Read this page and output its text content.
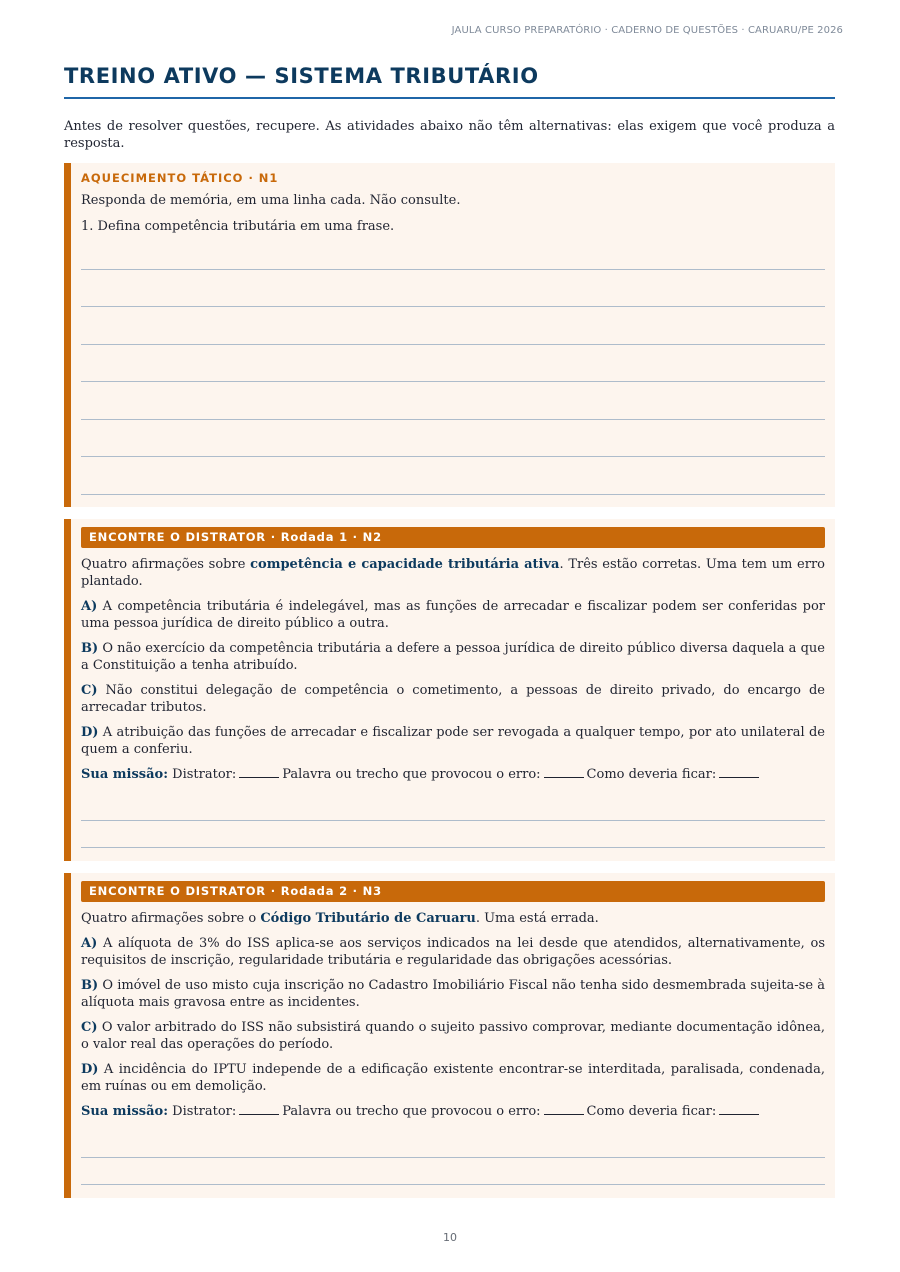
JAULA CURSO PREPARATÓRIO · CADERNO DE QUESTÕES · CARUARU/PE 2026
TREINO ATIVO — SISTEMA TRIBUTÁRIO

Antes de resolver questões, recupere. As atividades abaixo não têm alternativas: elas exigem que você produza a resposta.

AQUECIMENTO TÁTICO · N1

Responda de memória, em uma linha cada. Não consulte.

1. Defina competência tributária em uma frase.

ENCONTRE O DISTRATOR · Rodada 1 · N2

Quatro afirmações sobre competência e capacidade tributária ativa. Três estão corretas. Uma tem um erro plantado.

A) A competência tributária é indelegável, mas as funções de arrecadar e fiscalizar podem ser conferidas por uma pessoa jurídica de direito público a outra.

B) O não exercício da competência tributária a defere a pessoa jurídica de direito público diversa daquela a que a Constituição a tenha atribuído.

C) Não constitui delegação de competência o cometimento, a pessoas de direito privado, do encargo de arrecadar tributos.

D) A atribuição das funções de arrecadar e fiscalizar pode ser revogada a qualquer tempo, por ato unilateral de quem a conferiu.

Sua missão: Distrator:	Palavra ou trecho que provocou o erro:	Como deveria ficar:

ENCONTRE O DISTRATOR · Rodada 2 · N3

Quatro afirmações sobre o Código Tributário de Caruaru. Uma está errada.

A) A alíquota de 3% do ISS aplica-se aos serviços indicados na lei desde que atendidos, alternativamente, os requisitos de inscrição, regularidade tributária e regularidade das obrigações acessórias.

B) O imóvel de uso misto cuja inscrição no Cadastro Imobiliário Fiscal não tenha sido desmembrada sujeita-se à alíquota mais gravosa entre as incidentes.

C) O valor arbitrado do ISS não subsistirá quando o sujeito passivo comprovar, mediante documentação idônea, o valor real das operações do período.

D) A incidência do IPTU independe de a edificação existente encontrar-se interditada, paralisada, condenada, em ruínas ou em demolição.

Sua missão: Distrator:	Palavra ou trecho que provocou o erro:	Como deveria ficar:

10
